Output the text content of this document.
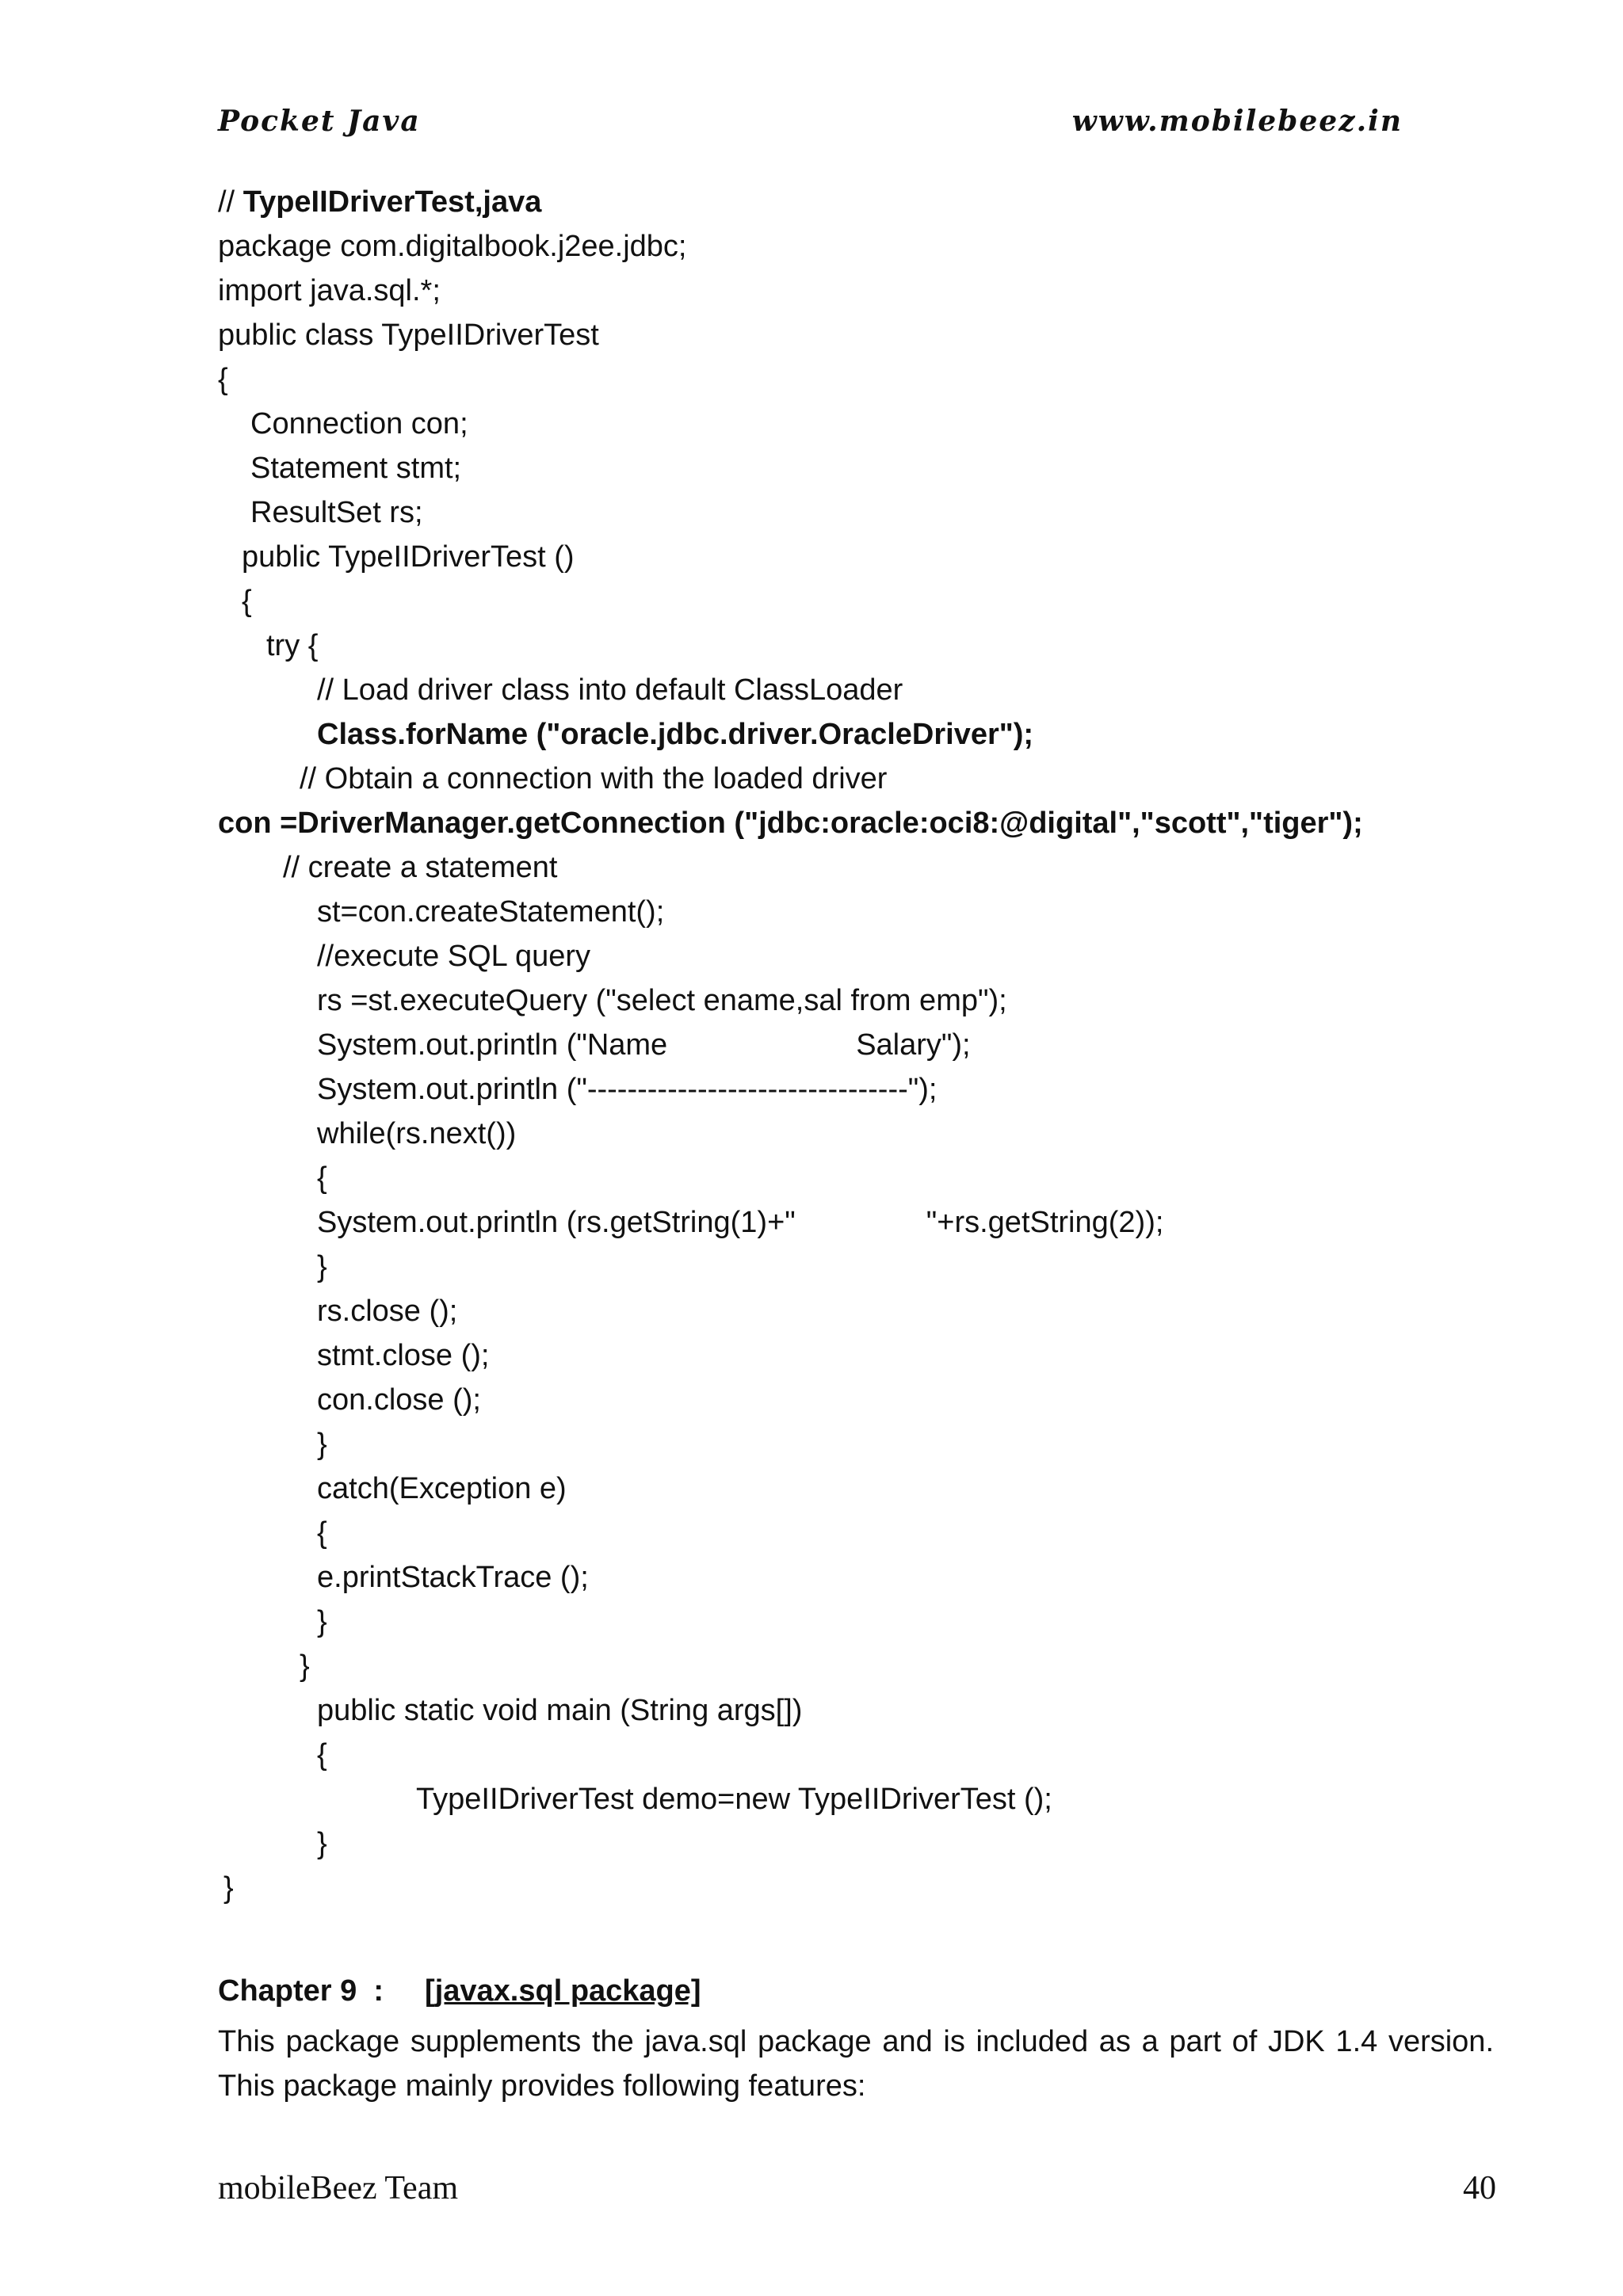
Pocket Java	www.mobilebeez.in
// TypeIIDriverTest,java
package com.digitalbook.j2ee.jdbc;
import java.sql.*;
public class TypeIIDriverTest
{
Connection con;
Statement stmt;
ResultSet rs;
public TypeIIDriverTest ()
{
try {
// Load driver class into default ClassLoader
Class.forName ("oracle.jdbc.driver.OracleDriver");
// Obtain a connection with the loaded driver
con =DriverManager.getConnection ("jdbc:oracle:oci8:@digital","scott","tiger");
// create a statement
st=con.createStatement();
//execute SQL query
rs =st.executeQuery ("select ename,sal from emp");
System.out.println ("Name	Salary");
System.out.println ("--------------------------------");
while(rs.next())
{
System.out.println (rs.getString(1)+"	"+rs.getString(2));
}
rs.close ();
stmt.close ();
con.close ();
}
catch(Exception e)
{
e.printStackTrace ();
}
}
public static void main (String args[])
{
TypeIIDriverTest demo=new TypeIIDriverTest ();
}
}
Chapter 9  : [javax.sql package]
This package supplements the java.sql package and is included as a part of JDK 1.4 version. This package mainly provides following features:
mobileBeez Team	40
